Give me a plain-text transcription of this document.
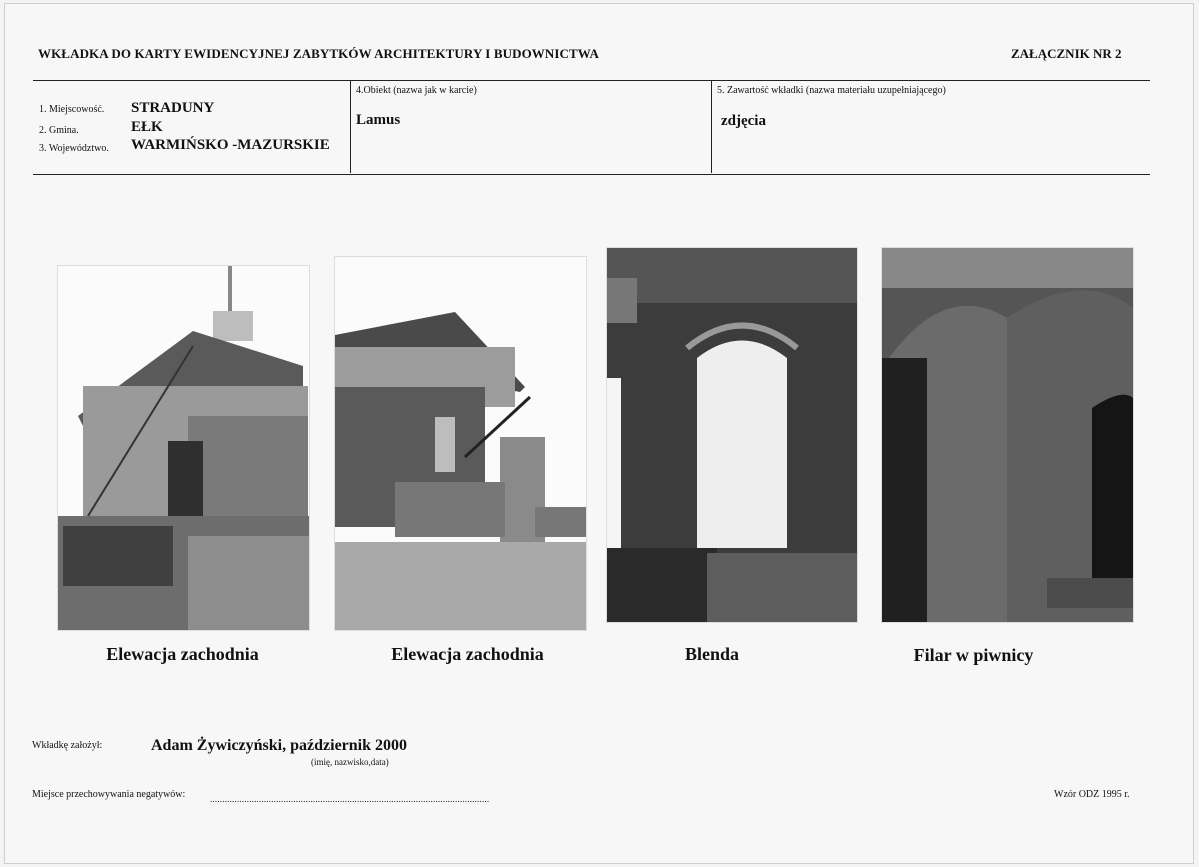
WKŁADKA DO KARTY EWIDENCYJNEJ ZABYTKÓW ARCHITEKTURY I BUDOWNICTWA	ZAŁĄCZNIK NR 2
1. Miejscowość. STRADUNY
2. Gmina.	EŁK
3. Województwo. WARMIŃSKO -MAZURSKIE
4.Obiekt (nazwa jak w karcie)
Lamus
5. Zawartość wkładki (nazwa materiału uzupełniającego)
zdjęcia
Elewacja zachodnia	Elewacja zachodnia	Blenda	Filar w piwnicy
Wkładkę założył:	Adam Żywiczyński, październik 2000
(imię, nazwisko,data)
Miejsce przechowywania negatywów:	..................................................................................................................	Wzór ODZ 1995 r.
